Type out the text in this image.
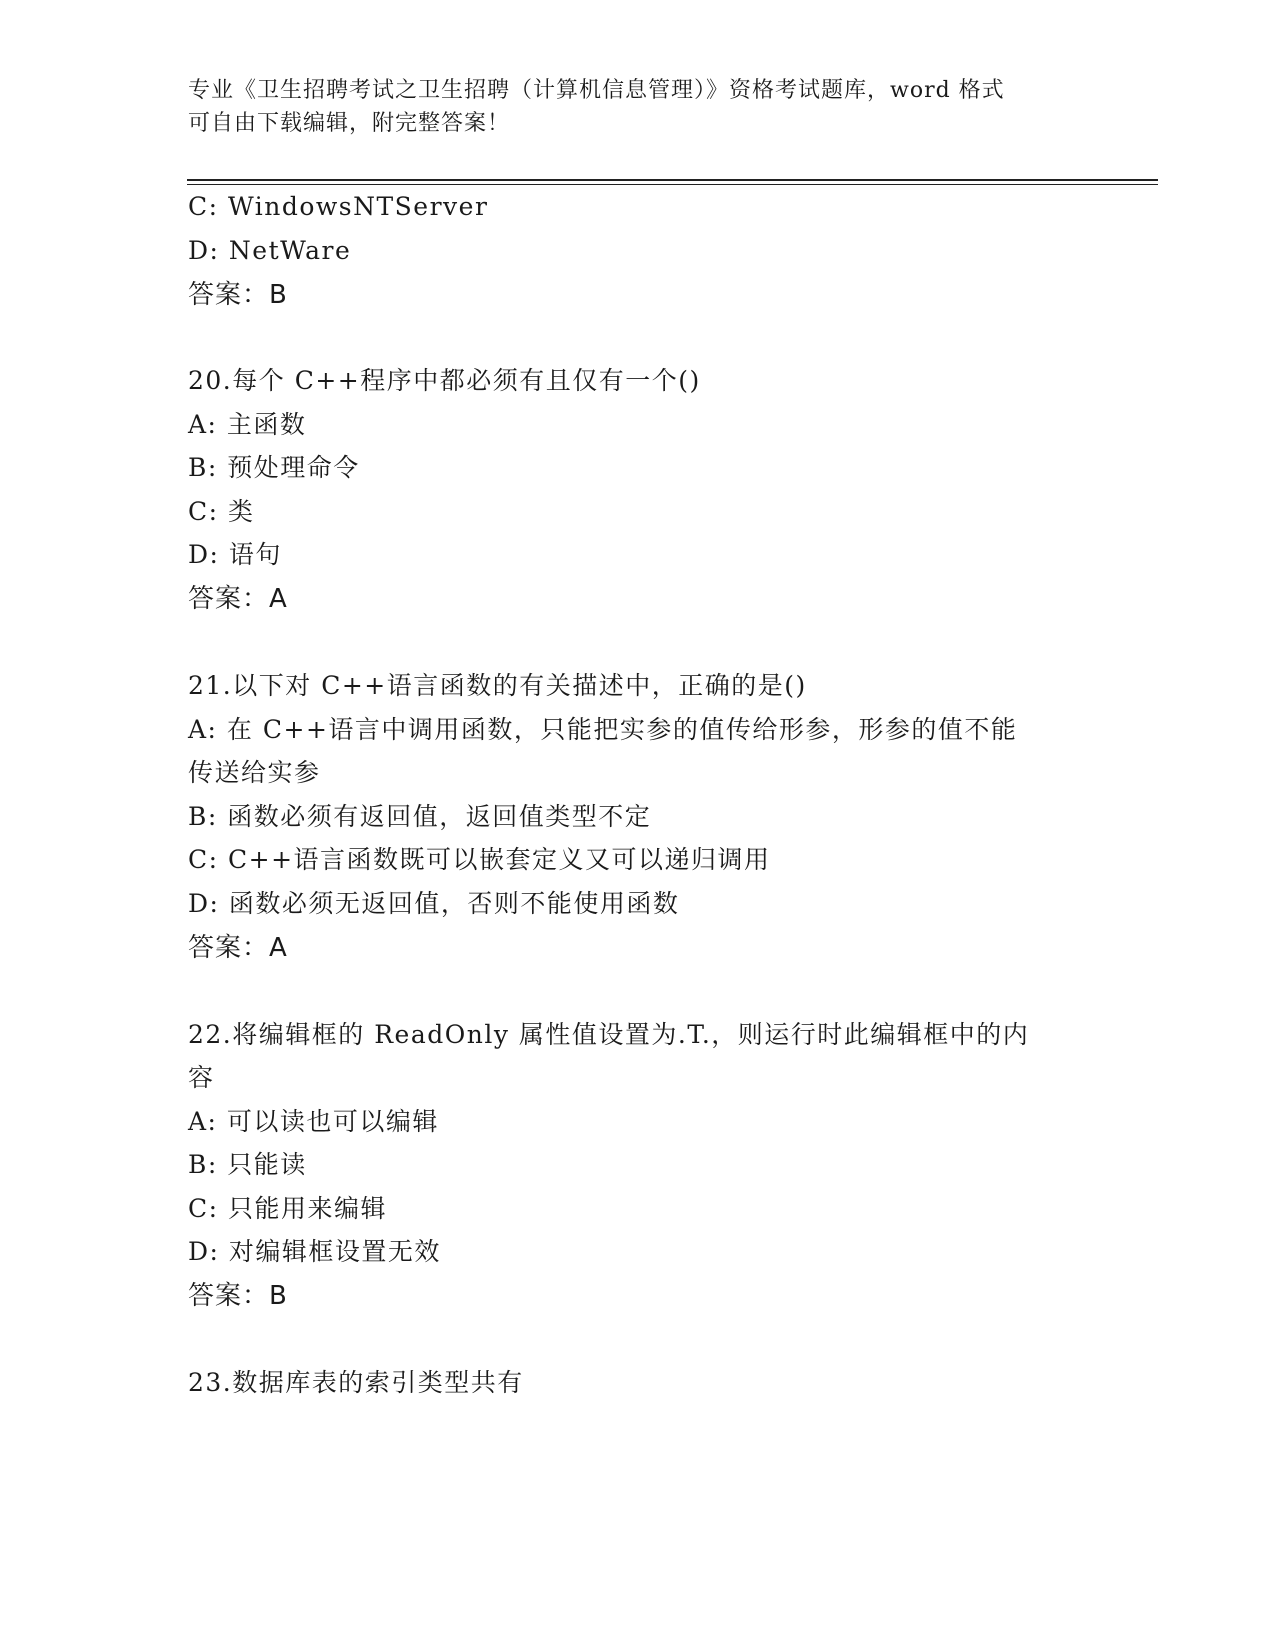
专业《卫生招聘考试之卫生招聘（计算机信息管理）》资格考试题库，word 格式
可自由下载编辑，附完整答案！
C: WindowsNTServer
D: NetWare
答案：B
20.每个 C++程序中都必须有且仅有一个()
A: 主函数
B: 预处理命令
C: 类
D: 语句
答案：A
21.以下对 C++语言函数的有关描述中，正确的是()
A: 在 C++语言中调用函数，只能把实参的值传给形参，形参的值不能
传送给实参
B: 函数必须有返回值，返回值类型不定
C: C++语言函数既可以嵌套定义又可以递归调用
D: 函数必须无返回值，否则不能使用函数
答案：A
22.将编辑框的 ReadOnly 属性值设置为.T.，则运行时此编辑框中的内
容
A: 可以读也可以编辑
B: 只能读
C: 只能用来编辑
D: 对编辑框设置无效
答案：B
23.数据库表的索引类型共有
